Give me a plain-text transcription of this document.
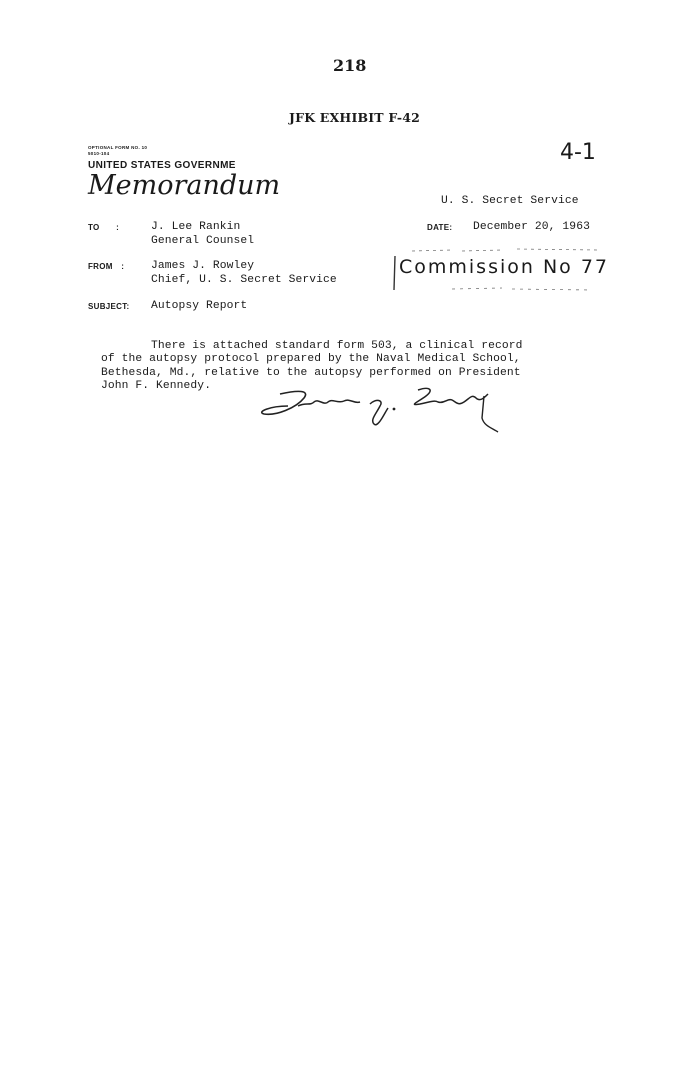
218
JFK EXHIBIT F-42
OPTIONAL FORM NO. 10
5010-104
UNITED STATES GOVERNME
Memorandum
4-1
U. S. Secret Service
TO :
FROM :
SUBJECT:
DATE:
J. Lee Rankin
General Counsel
James J. Rowley
Chief, U. S. Secret Service
Autopsy Report
December 20, 1963
Commission No 77
There is attached standard form 503, a clinical record
of the autopsy protocol prepared by the Naval Medical School,
Bethesda, Md., relative to the autopsy performed on President
John F. Kennedy.
